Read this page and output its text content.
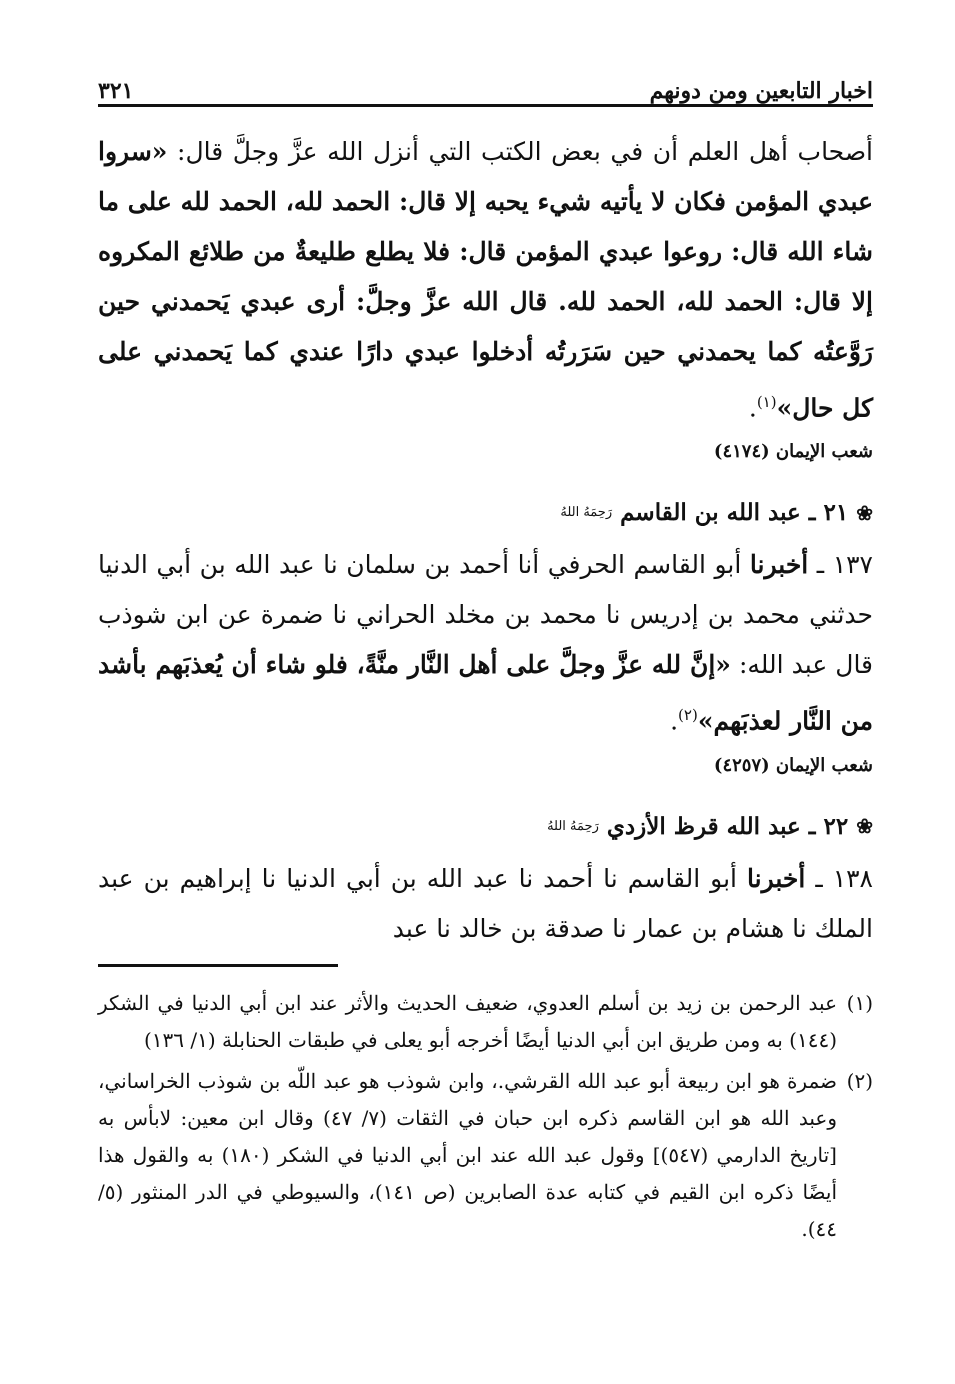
اخبار التابعين ومن دونهم
٣٢١

أصحاب أهل العلم أن في بعض الكتب التي أنزل الله عزَّ وجلَّ قال: «سروا عبدي المؤمن فكان لا يأتيه شيء يحبه إلا قال: الحمد لله، الحمد لله على ما شاء الله قال: روعوا عبدي المؤمن قال: فلا يطلع طليعةٌ من طلائع المكروه إلا قال: الحمد لله، الحمد لله. قال الله عزَّ وجلَّ: أرى عبدي يَحمدني حين رَوَّعتُه كما يحمدني حين سَرَرتُه أدخلوا عبدي دارًا عندي كما يَحمدني على كل حال»$^{(١)}$.

شعب الإيمان (٤١٧٤)
❀
٢١ ـ عبد الله بن القاسم
رَحِمَهُ اللهُ

١٣٧ ـ أخبرنا أبو القاسم الحرفي أنا أحمد بن سلمان نا عبد الله بن أبي الدنيا حدثني محمد بن إدريس نا محمد بن مخلد الحراني نا ضمرة عن ابن شوذب قال عبد الله: «إنَّ لله عزَّ وجلَّ على أهل النَّار منَّةً، فلو شاء أن يُعذبَهم بأشد من النَّار لعذبَهم»$^{(٢)}$.

شعب الإيمان (٤٢٥٧)
❀
٢٢ ـ عبد الله قرظ الأزدي
رَحِمَهُ اللهُ

١٣٨ ـ أخبرنا أبو القاسم نا أحمد نا عبد الله بن أبي الدنيا نا إبراهيم بن عبد الملك نا هشام بن عمار نا صدقة بن خالد نا عبد

(١)
عبد الرحمن بن زيد بن أسلم العدوي، ضعيف الحديث والأثر عند ابن أبي الدنيا في الشكر (١٤٤) به ومن طريق ابن أبي الدنيا أيضًا أخرجه أبو يعلى في طبقات الحنابلة (١/ ١٣٦)
(٢)
ضمرة هو ابن ربيعة أبو عبد الله القرشي.، وابن شوذب هو عبد اللّه بن شوذب الخراساني، وعبد الله هو ابن القاسم ذكره ابن حبان في الثقات (٧/ ٤٧) وقال ابن معين: لابأس به [تاريخ الدارمي (٥٤٧)] وقول عبد الله عند ابن أبي الدنيا في الشكر (١٨٠) به والقول هذا أيضًا ذكره ابن القيم في كتابه عدة الصابرين (ص ١٤١)، والسيوطي في الدر المنثور (٥/ ٤٤).
